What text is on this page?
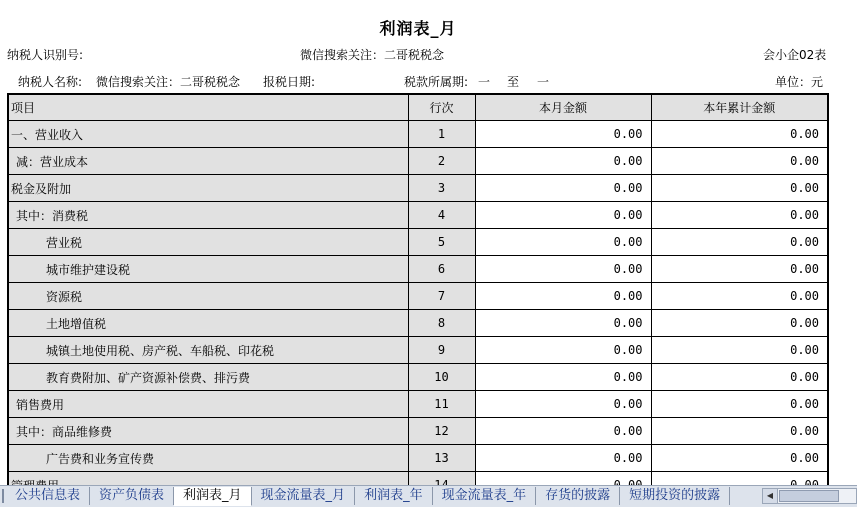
利润表_月
纳税人识别号:	微信搜索关注：二哥税税念	会小企02表
纳税人名称: 微信搜索关注：二哥税税念 报税日期:	税款所属期: 一 至 一	单位：元
项目	行次	本月金额	本年累计金额
一、营业收入	1	0.00	0.00
减：营业成本	2	0.00	0.00
税金及附加	3	0.00	0.00
其中：消费税	4	0.00	0.00
营业税	5	0.00	0.00
城市维护建设税	6	0.00	0.00
资源税	7	0.00	0.00
土地增值税	8	0.00	0.00
城镇土地使用税、房产税、车船税、印花税	9	0.00	0.00
教育费附加、矿产资源补偿费、排污费	10	0.00	0.00
销售费用	11	0.00	0.00
其中：商品维修费	12	0.00	0.00
广告费和业务宣传费	13	0.00	0.00

公共信息表 资产负债表 利润表_月 现金流量表_月 利润表_年 现金流量表_年 存货的披露 短期投资的披露	◀
